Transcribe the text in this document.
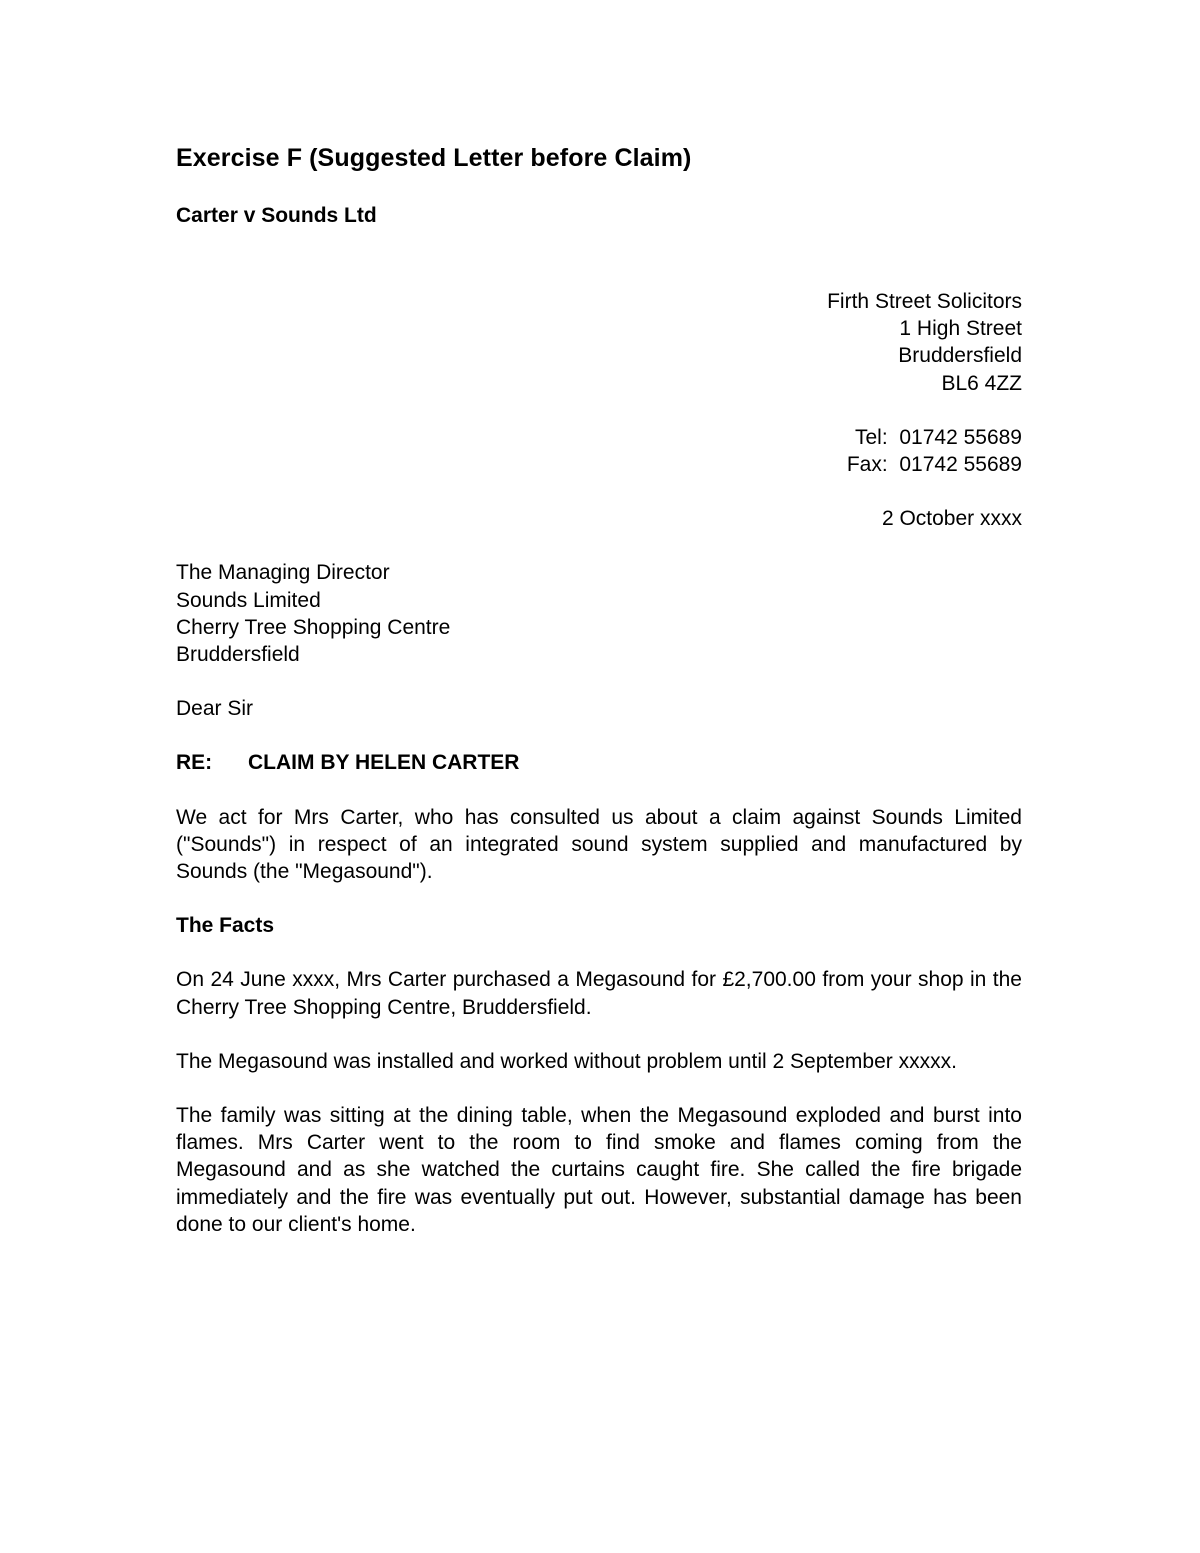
Exercise F (Suggested Letter before Claim)
Carter v Sounds Ltd
Firth Street Solicitors
1 High Street
Bruddersfield
BL6 4ZZ
Tel: 01742 55689
Fax: 01742 55689
2 October xxxx
The Managing Director
Sounds Limited
Cherry Tree Shopping Centre
Bruddersfield
Dear Sir
RE:	CLAIM BY HELEN CARTER

We act for Mrs Carter, who has consulted us about a claim against Sounds Limited ("Sounds") in respect of an integrated sound system supplied and manufactured by Sounds (the "Megasound").

The Facts

On 24 June xxxx, Mrs Carter purchased a Megasound for £2,700.00 from your shop in the Cherry Tree Shopping Centre, Bruddersfield.

The Megasound was installed and worked without problem until 2 September xxxxx.

The family was sitting at the dining table, when the Megasound exploded and burst into flames. Mrs Carter went to the room to find smoke and flames coming from the Megasound and as she watched the curtains caught fire. She called the fire brigade immediately and the fire was eventually put out. However, substantial damage has been done to our client's home.
